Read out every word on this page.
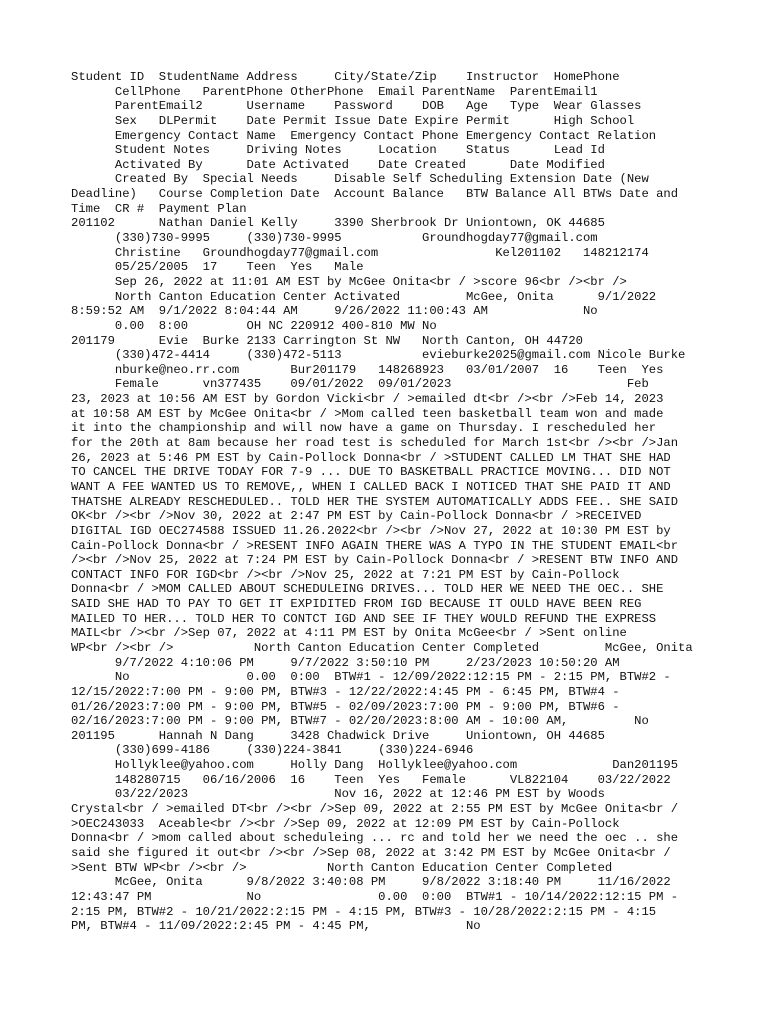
Student ID  StudentName Address     City/State/Zip    Instructor  HomePhone
CellPhone   ParentPhone OtherPhone  Email ParentName  ParentEmail1
ParentEmail2      Username    Password    DOB   Age   Type  Wear Glasses
Sex   DLPermit    Date Permit Issue Date Expire Permit      High School
Emergency Contact Name  Emergency Contact Phone Emergency Contact Relation
Student Notes     Driving Notes     Location    Status      Lead Id
Activated By      Date Activated    Date Created      Date Modified
Created By  Special Needs     Disable Self Scheduling Extension Date (New
Deadline)   Course Completion Date  Account Balance   BTW Balance All BTWs Date and
Time  CR #  Payment Plan
201102      Nathan Daniel Kelly     3390 Sherbrook Dr Uniontown, OK 44685
(330)730-9995     (330)730-9995           Groundhogday77@gmail.com
Christine   Groundhogday77@gmail.com                Kel201102   148212174
05/25/2005  17    Teen  Yes   Male
Sep 26, 2022 at 11:01 AM EST by McGee Onita<br / >score 96<br /><br />
North Canton Education Center Activated         McGee, Onita      9/1/2022
8:59:52 AM  9/1/2022 8:04:44 AM     9/26/2022 11:00:43 AM             No
0.00  8:00        OH NC 220912 400-810 MW No
201179      Evie  Burke 2133 Carrington St NW   North Canton, OH 44720
(330)472-4414     (330)472-5113           evieburke2025@gmail.com Nicole Burke
nburke@neo.rr.com       Bur201179   148268923   03/01/2007  16    Teen  Yes
Female      vn377435    09/01/2022  09/01/2023                        Feb
23, 2023 at 10:56 AM EST by Gordon Vicki<br / >emailed dt<br /><br />Feb 14, 2023
at 10:58 AM EST by McGee Onita<br / >Mom called teen basketball team won and made
it into the championship and will now have a game on Thursday. I rescheduled her
for the 20th at 8am because her road test is scheduled for March 1st<br /><br />Jan
26, 2023 at 5:46 PM EST by Cain-Pollock Donna<br / >STUDENT CALLED LM THAT SHE HAD
TO CANCEL THE DRIVE TODAY FOR 7-9 ... DUE TO BASKETBALL PRACTICE MOVING... DID NOT
WANT A FEE WANTED US TO REMOVE,, WHEN I CALLED BACK I NOTICED THAT SHE PAID IT AND
THATSHE ALREADY RESCHEDULED.. TOLD HER THE SYSTEM AUTOMATICALLY ADDS FEE.. SHE SAID
OK<br /><br />Nov 30, 2022 at 2:47 PM EST by Cain-Pollock Donna<br / >RECEIVED
DIGITAL IGD OEC274588 ISSUED 11.26.2022<br /><br />Nov 27, 2022 at 10:30 PM EST by
Cain-Pollock Donna<br / >RESENT INFO AGAIN THERE WAS A TYPO IN THE STUDENT EMAIL<br
/><br />Nov 25, 2022 at 7:24 PM EST by Cain-Pollock Donna<br / >RESENT BTW INFO AND
CONTACT INFO FOR IGD<br /><br />Nov 25, 2022 at 7:21 PM EST by Cain-Pollock
Donna<br / >MOM CALLED ABOUT SCHEDULEING DRIVES... TOLD HER WE NEED THE OEC.. SHE
SAID SHE HAD TO PAY TO GET IT EXPIDITED FROM IGD BECAUSE IT OULD HAVE BEEN REG
MAILED TO HER... TOLD HER TO CONTCT IGD AND SEE IF THEY WOULD REFUND THE EXPRESS
MAIL<br /><br />Sep 07, 2022 at 4:11 PM EST by Onita McGee<br / >Sent online
WP<br /><br />           North Canton Education Center Completed         McGee, Onita
9/7/2022 4:10:06 PM     9/7/2022 3:50:10 PM     2/23/2023 10:50:20 AM
No                0.00  0:00  BTW#1 - 12/09/2022:12:15 PM - 2:15 PM, BTW#2 -
12/15/2022:7:00 PM - 9:00 PM, BTW#3 - 12/22/2022:4:45 PM - 6:45 PM, BTW#4 -
01/26/2023:7:00 PM - 9:00 PM, BTW#5 - 02/09/2023:7:00 PM - 9:00 PM, BTW#6 -
02/16/2023:7:00 PM - 9:00 PM, BTW#7 - 02/20/2023:8:00 AM - 10:00 AM,         No
201195      Hannah N Dang     3428 Chadwick Drive     Uniontown, OH 44685
(330)699-4186     (330)224-3841     (330)224-6946
Hollyklee@yahoo.com     Holly Dang  Hollyklee@yahoo.com             Dan201195
148280715   06/16/2006  16    Teen  Yes   Female      VL822104    03/22/2022
03/22/2023                    Nov 16, 2022 at 12:46 PM EST by Woods
Crystal<br / >emailed DT<br /><br />Sep 09, 2022 at 2:55 PM EST by McGee Onita<br /
>OEC243033  Aceable<br /><br />Sep 09, 2022 at 12:09 PM EST by Cain-Pollock
Donna<br / >mom called about scheduleing ... rc and told her we need the oec .. she
said she figured it out<br /><br />Sep 08, 2022 at 3:42 PM EST by McGee Onita<br /
>Sent BTW WP<br /><br />           North Canton Education Center Completed
McGee, Onita      9/8/2022 3:40:08 PM     9/8/2022 3:18:40 PM     11/16/2022
12:43:47 PM             No                0.00  0:00  BTW#1 - 10/14/2022:12:15 PM -
2:15 PM, BTW#2 - 10/21/2022:2:15 PM - 4:15 PM, BTW#3 - 10/28/2022:2:15 PM - 4:15
PM, BTW#4 - 11/09/2022:2:45 PM - 4:45 PM,             No
